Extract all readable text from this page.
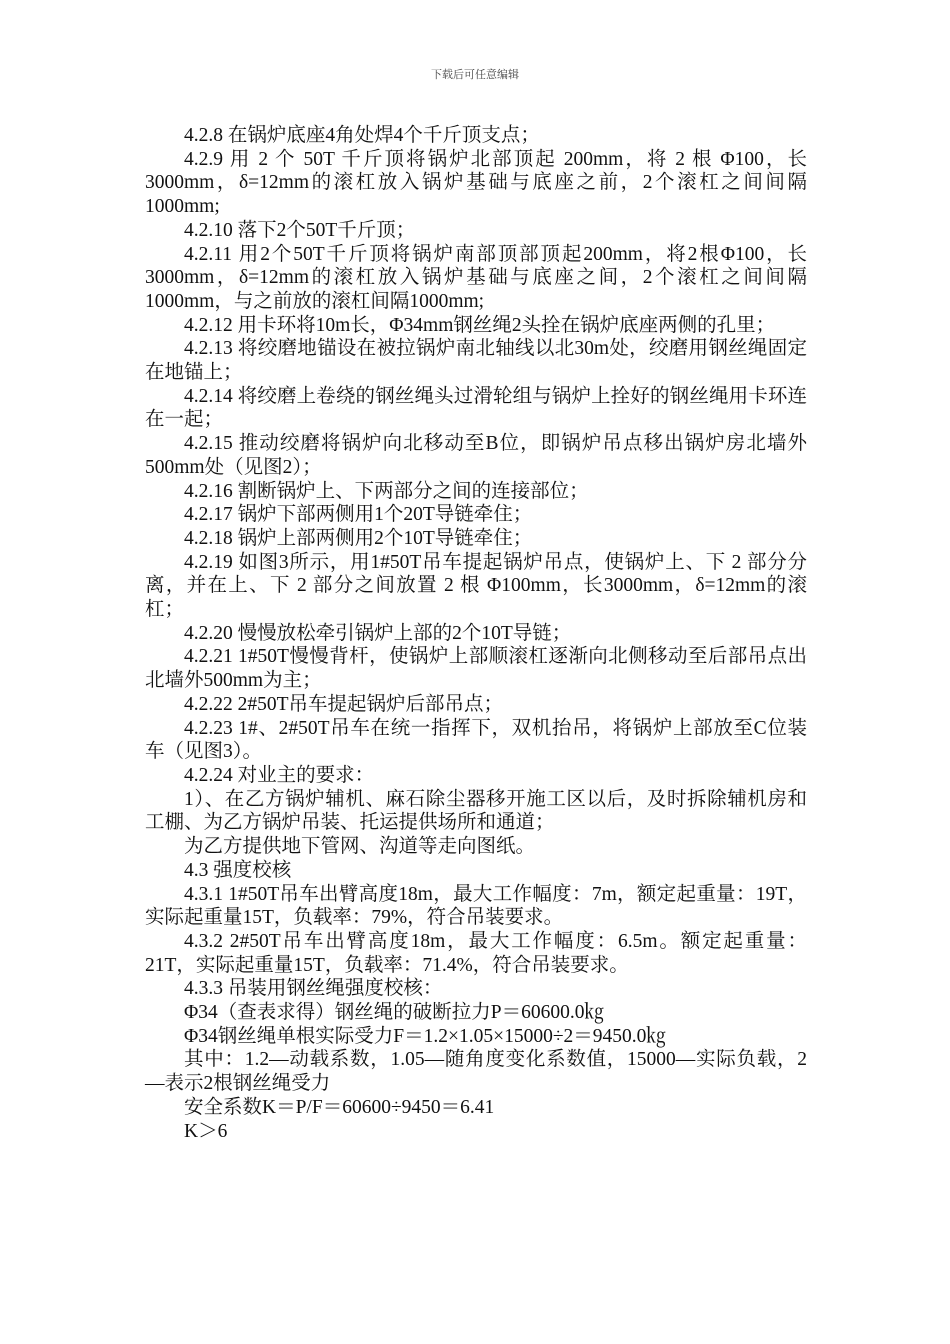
下载后可任意编辑

4.2.8 在锅炉底座4角处焊4个千斤顶支点；

4.2.9 用 2 个 50T 千斤顶将锅炉北部顶起 200mm，将 2 根 Φ100，长3000mm，δ=12mm的滚杠放入锅炉基础与底座之前，2个滚杠之间间隔1000mm;

4.2.10 落下2个50T千斤顶；

4.2.11 用2个50T千斤顶将锅炉南部顶部顶起200mm，将2根Φ100，长3000mm，δ=12mm的滚杠放入锅炉基础与底座之间，2个滚杠之间间隔1000mm，与之前放的滚杠间隔1000mm;

4.2.12 用卡环将10m长，Φ34mm钢丝绳2头拴在锅炉底座两侧的孔里；

4.2.13 将绞磨地锚设在被拉锅炉南北轴线以北30m处，绞磨用钢丝绳固定在地锚上；

4.2.14 将绞磨上卷绕的钢丝绳头过滑轮组与锅炉上拴好的钢丝绳用卡环连在一起；

4.2.15 推动绞磨将锅炉向北移动至B位，即锅炉吊点移出锅炉房北墙外500mm处（见图2）；

4.2.16 割断锅炉上、下两部分之间的连接部位；

4.2.17 锅炉下部两侧用1个20T导链牵住；

4.2.18 锅炉上部两侧用2个10T导链牵住；

4.2.19 如图3所示，用1#50T吊车提起锅炉吊点，使锅炉上、下 2 部分分离，并在上、下 2 部分之间放置 2 根 Φ100mm，长3000mm，δ=12mm的滚杠；

4.2.20 慢慢放松牵引锅炉上部的2个10T导链；

4.2.21 1#50T慢慢背杆，使锅炉上部顺滚杠逐渐向北侧移动至后部吊点出北墙外500mm为主；

4.2.22 2#50T吊车提起锅炉后部吊点；

4.2.23 1#、2#50T吊车在统一指挥下，双机抬吊，将锅炉上部放至C位装车（见图3）。

4.2.24 对业主的要求：

1）、在乙方锅炉辅机、麻石除尘器移开施工区以后，及时拆除辅机房和工棚、为乙方锅炉吊装、托运提供场所和通道；

为乙方提供地下管网、沟道等走向图纸。

4.3 强度校核

4.3.1 1#50T吊车出臂高度18m，最大工作幅度：7m，额定起重量：19T，实际起重量15T，负载率：79%，符合吊装要求。

4.3.2 2#50T吊车出臂高度18m，最大工作幅度：6.5m。额定起重量：21T，实际起重量15T，负载率：71.4%，符合吊装要求。

4.3.3 吊装用钢丝绳强度校核：

Φ34（查表求得）钢丝绳的破断拉力P＝60600.0㎏

Φ34钢丝绳单根实际受力F＝1.2×1.05×15000÷2＝9450.0㎏

其中：1.2—动载系数，1.05—随角度变化系数值，15000—实际负载，2—表示2根钢丝绳受力

安全系数K＝P/F＝60600÷9450＝6.41

K＞6
